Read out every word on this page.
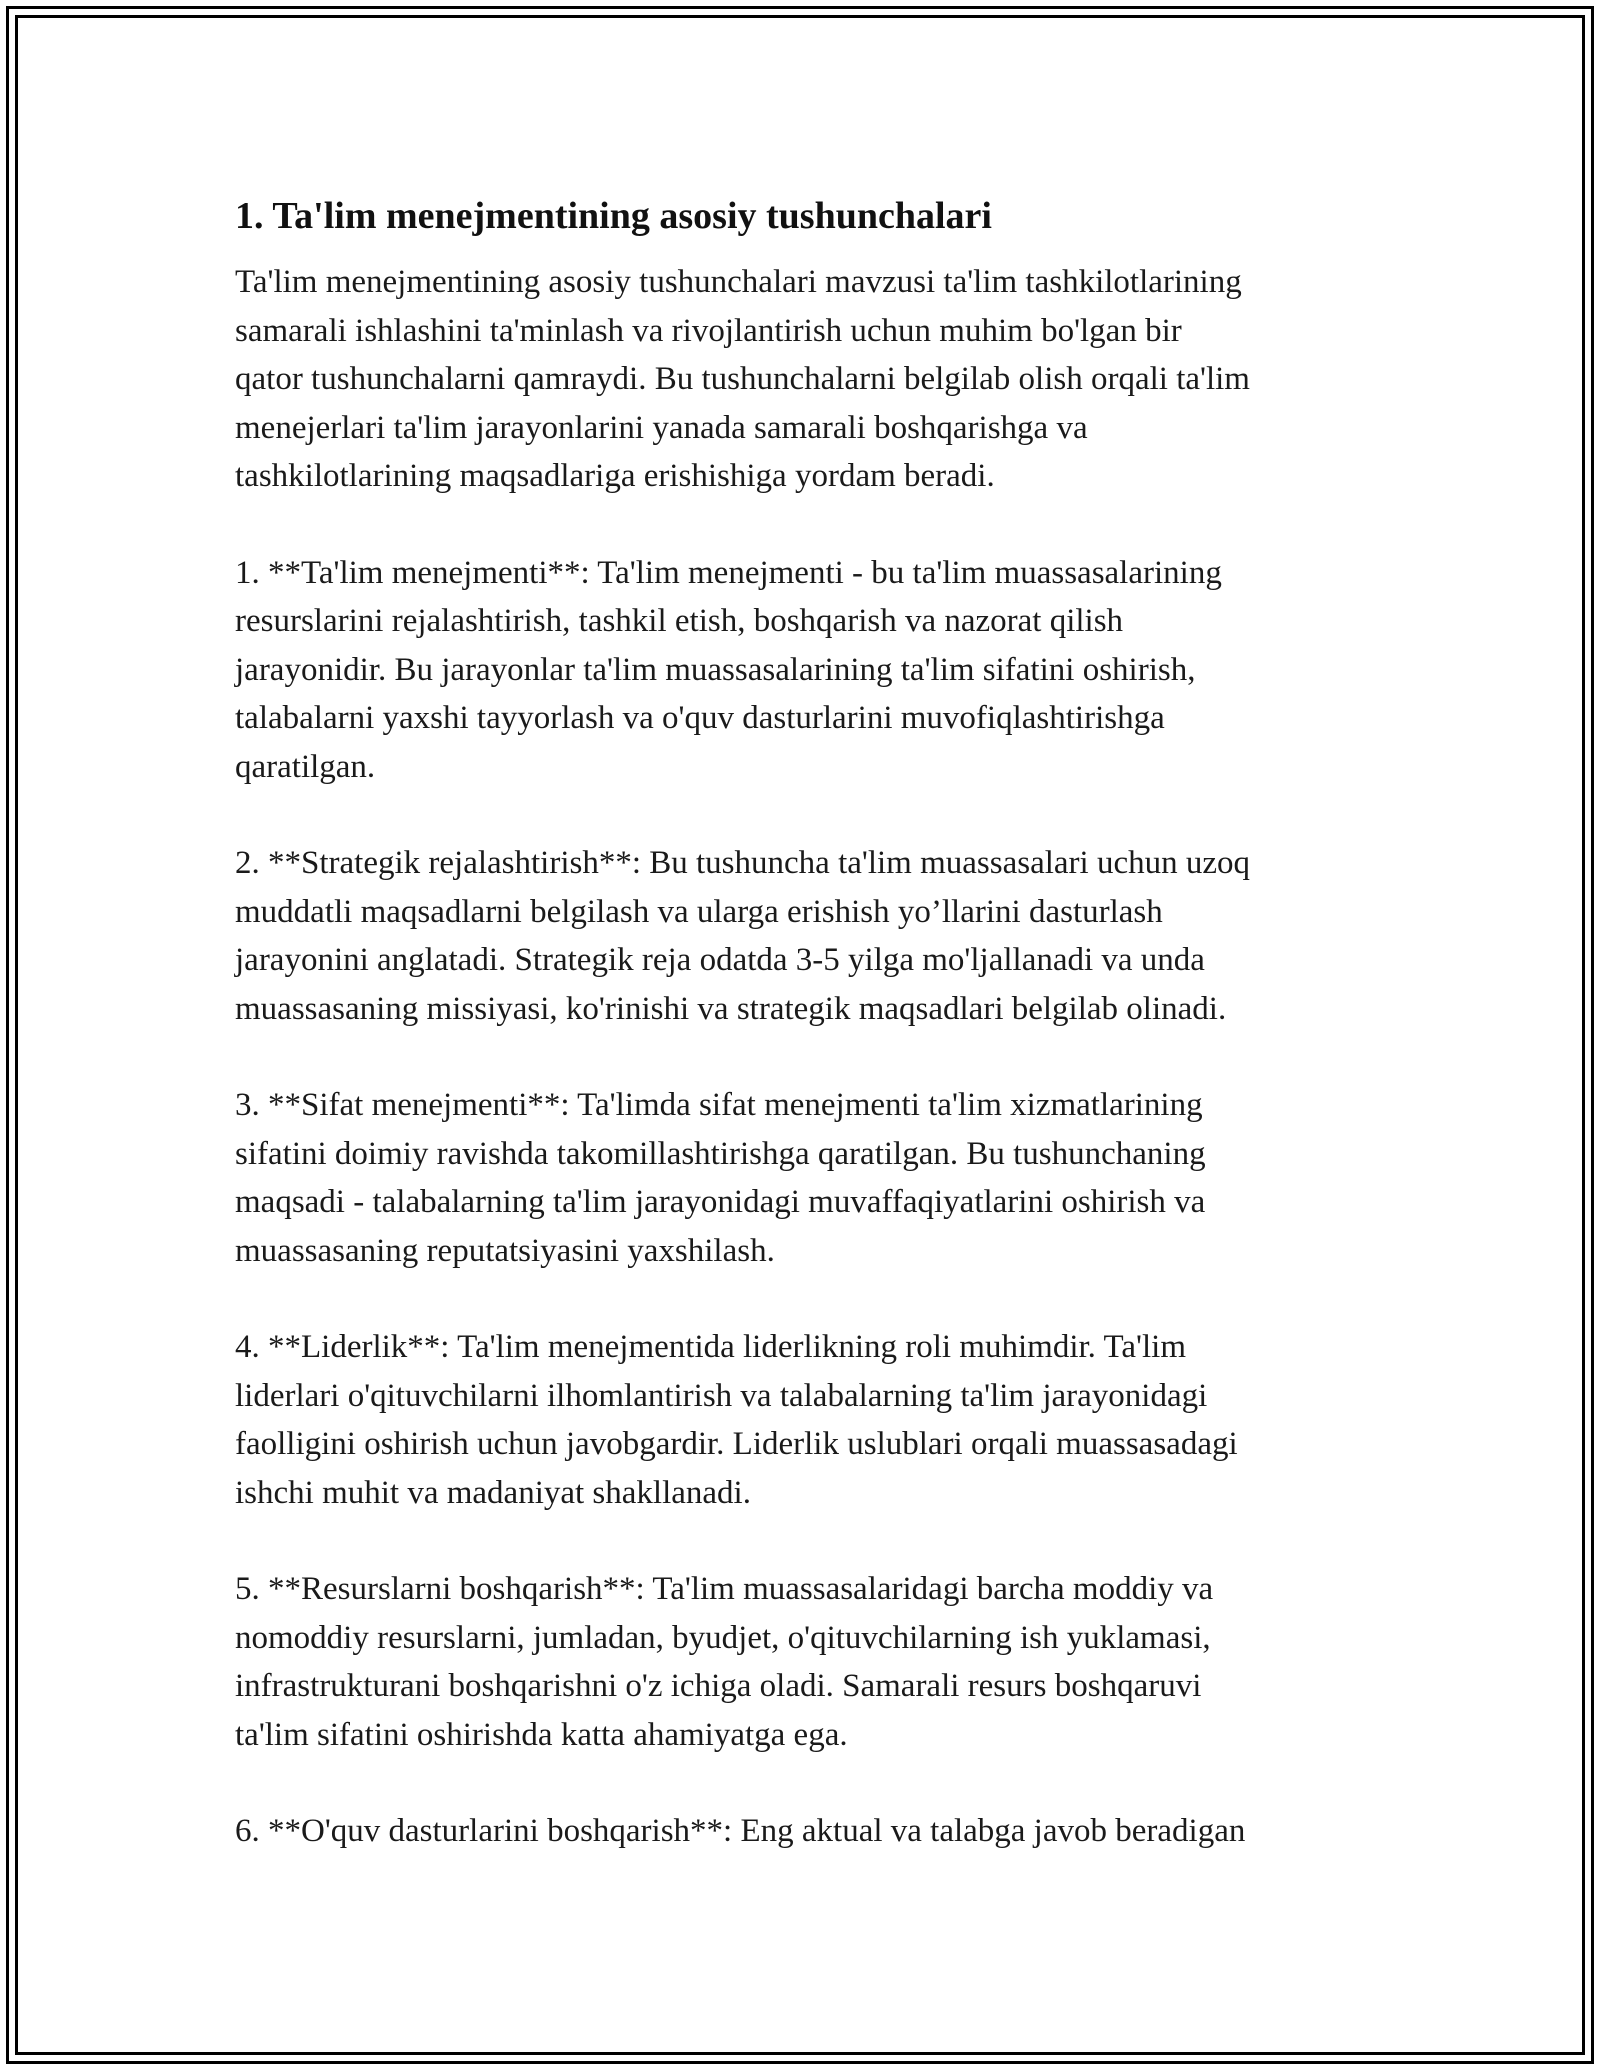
1. Ta'lim menejmentining asosiy tushunchalari

Ta'lim menejmentining asosiy tushunchalari mavzusi ta'lim tashkilotlarining
samarali ishlashini ta'minlash va rivojlantirish uchun muhim bo'lgan bir
qator tushunchalarni qamraydi. Bu tushunchalarni belgilab olish orqali ta'lim
menejerlari ta'lim jarayonlarini yanada samarali boshqarishga va
tashkilotlarining maqsadlariga erishishiga yordam beradi.

1. **Ta'lim menejmenti**: Ta'lim menejmenti - bu ta'lim muassasalarining
resurslarini rejalashtirish, tashkil etish, boshqarish va nazorat qilish
jarayonidir. Bu jarayonlar ta'lim muassasalarining ta'lim sifatini oshirish,
talabalarni yaxshi tayyorlash va o'quv dasturlarini muvofiqlashtirishga
qaratilgan.

2. **Strategik rejalashtirish**: Bu tushuncha ta'lim muassasalari uchun uzoq
muddatli maqsadlarni belgilash va ularga erishish yo’llarini dasturlash
jarayonini anglatadi. Strategik reja odatda 3-5 yilga mo'ljallanadi va unda
muassasaning missiyasi, ko'rinishi va strategik maqsadlari belgilab olinadi.

3. **Sifat menejmenti**: Ta'limda sifat menejmenti ta'lim xizmatlarining
sifatini doimiy ravishda takomillashtirishga qaratilgan. Bu tushunchaning
maqsadi - talabalarning ta'lim jarayonidagi muvaffaqiyatlarini oshirish va
muassasaning reputatsiyasini yaxshilash.

4. **Liderlik**: Ta'lim menejmentida liderlikning roli muhimdir. Ta'lim
liderlari o'qituvchilarni ilhomlantirish va talabalarning ta'lim jarayonidagi
faolligini oshirish uchun javobgardir. Liderlik uslublari orqali muassasadagi
ishchi muhit va madaniyat shakllanadi.

5. **Resurslarni boshqarish**: Ta'lim muassasalaridagi barcha moddiy va
nomoddiy resurslarni, jumladan, byudjet, o'qituvchilarning ish yuklamasi,
infrastrukturani boshqarishni o'z ichiga oladi. Samarali resurs boshqaruvi
ta'lim sifatini oshirishda katta ahamiyatga ega.

6. **O'quv dasturlarini boshqarish**: Eng aktual va talabga javob beradigan
